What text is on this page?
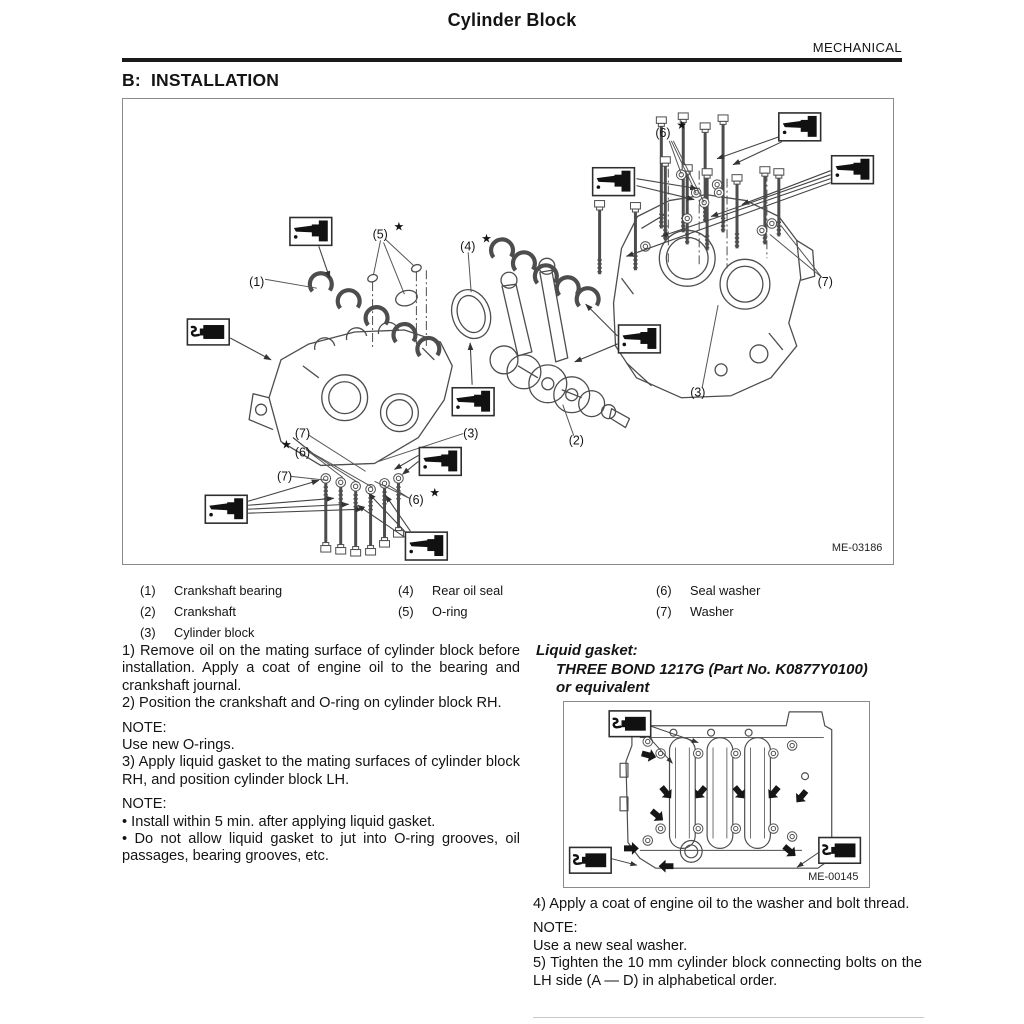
Cylinder Block
MECHANICAL
B:  INSTALLATION
(1)
(5)
★
(4)
★
(6)
★
(7)
(3)
(2)
(3)
(7)
(6)
★
(7)
(6)
★
ME-03186
(1) Crankshaft bearing
(2) Crankshaft
(3) Cylinder block
(4) Rear oil seal
(5) O-ring
(6) Seal washer
(7) Washer

1) Remove oil on the mating surface of cylinder block before installation. Apply a coat of engine oil to the bearing and crankshaft journal.

2) Position the crankshaft and O-ring on cylinder block RH.

NOTE:

Use new O-rings.

3) Apply liquid gasket to the mating surfaces of cylinder block RH, and position cylinder block LH.

NOTE:

• Install within 5 min. after applying liquid gasket.

• Do not allow liquid gasket to jut into O-ring grooves, oil passages, bearing grooves, etc.

Liquid gasket:
THREE BOND 1217G (Part No. K0877Y0100)
or equivalent
ME-00145

4) Apply a coat of engine oil to the washer and bolt thread.

NOTE:

Use a new seal washer.

5) Tighten the 10 mm cylinder block connecting bolts on the LH side (A — D) in alphabetical order.
